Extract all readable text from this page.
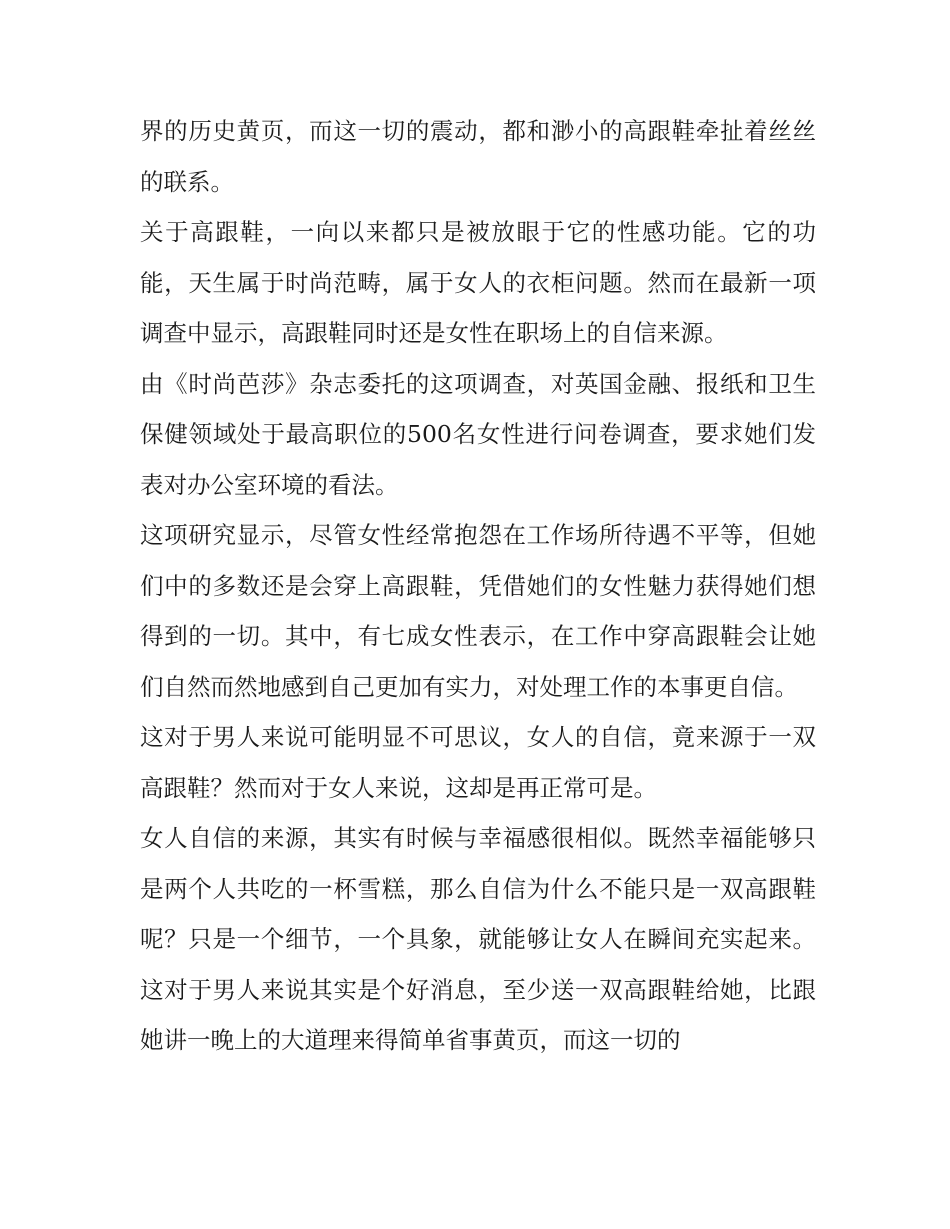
界的历史黄页，而这一切的震动，都和渺小的高跟鞋牵扯着丝丝的联系。

关于高跟鞋，一向以来都只是被放眼于它的性感功能。它的功能，天生属于时尚范畴，属于女人的衣柜问题。然而在最新一项调查中显示，高跟鞋同时还是女性在职场上的自信来源。

由《时尚芭莎》杂志委托的这项调查，对英国金融、报纸和卫生保健领域处于最高职位的500名女性进行问卷调查，要求她们发表对办公室环境的看法。

这项研究显示，尽管女性经常抱怨在工作场所待遇不平等，但她们中的多数还是会穿上高跟鞋，凭借她们的女性魅力获得她们想得到的一切。其中，有七成女性表示，在工作中穿高跟鞋会让她们自然而然地感到自己更加有实力，对处理工作的本事更自信。

这对于男人来说可能明显不可思议，女人的自信，竟来源于一双高跟鞋？然而对于女人来说，这却是再正常可是。

女人自信的来源，其实有时候与幸福感很相似。既然幸福能够只是两个人共吃的一杯雪糕，那么自信为什么不能只是一双高跟鞋呢？只是一个细节，一个具象，就能够让女人在瞬间充实起来。这对于男人来说其实是个好消息，至少送一双高跟鞋给她，比跟她讲一晚上的大道理来得简单省事黄页，而这一切的
